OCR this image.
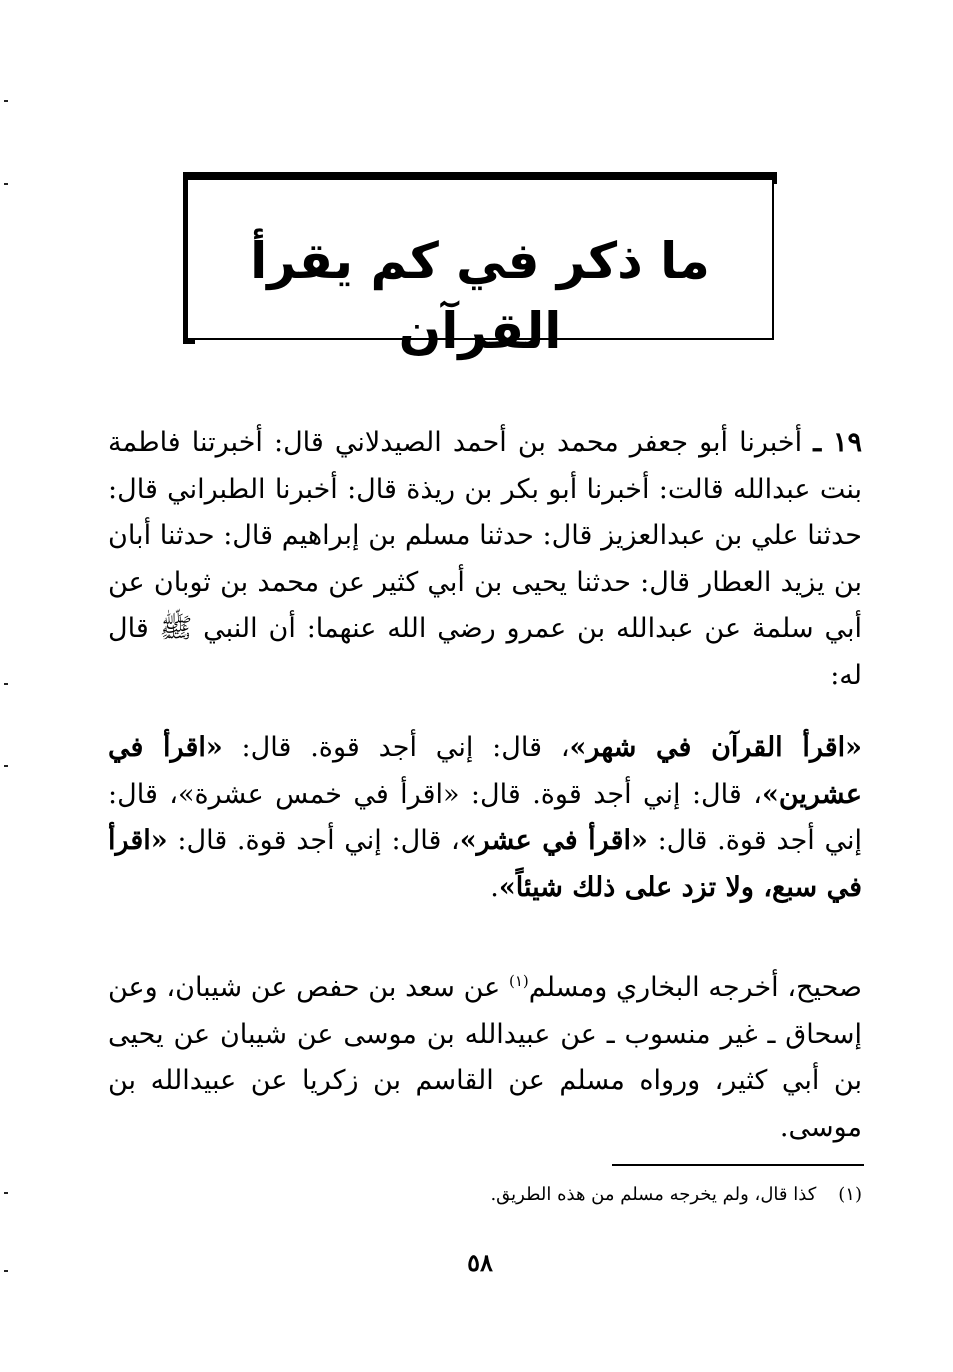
ما ذكر في كم يقرأ القرآن
١٩ ـ أخبرنا أبو جعفر محمد بن أحمد الصيدلاني قال: أخبرتنا فاطمة بنت عبدالله قالت: أخبرنا أبو بكر بن ريذة قال: أخبرنا الطبراني قال: حدثنا علي بن عبدالعزيز قال: حدثنا مسلم بن إبراهيم قال: حدثنا أبان بن يزيد العطار قال: حدثنا يحيى بن أبي كثير عن محمد بن ثوبان عن أبي سلمة عن عبدالله بن عمرو رضي الله عنهما: أن النبي ﷺ قال له:
«اقرأ القرآن في شهر»، قال: إني أجد قوة. قال: «اقرأ في عشرين»، قال: إني أجد قوة. قال: «اقرأ في خمس عشرة»، قال: إني أجد قوة. قال: «اقرأ في عشر»، قال: إني أجد قوة. قال: «اقرأ في سبع، ولا تزد على ذلك شيئاً».
صحيح، أخرجه البخاري ومسلم$^{(١)}$ عن سعد بن حفص عن شيبان، وعن إسحاق ـ غير منسوب ـ عن عبيدالله بن موسى عن شيبان عن يحيى بن أبي كثير، ورواه مسلم عن القاسم بن زكريا عن عبيدالله بن موسى.
(١)كذا قال، ولم يخرجه مسلم من هذه الطريق.
٥٨
